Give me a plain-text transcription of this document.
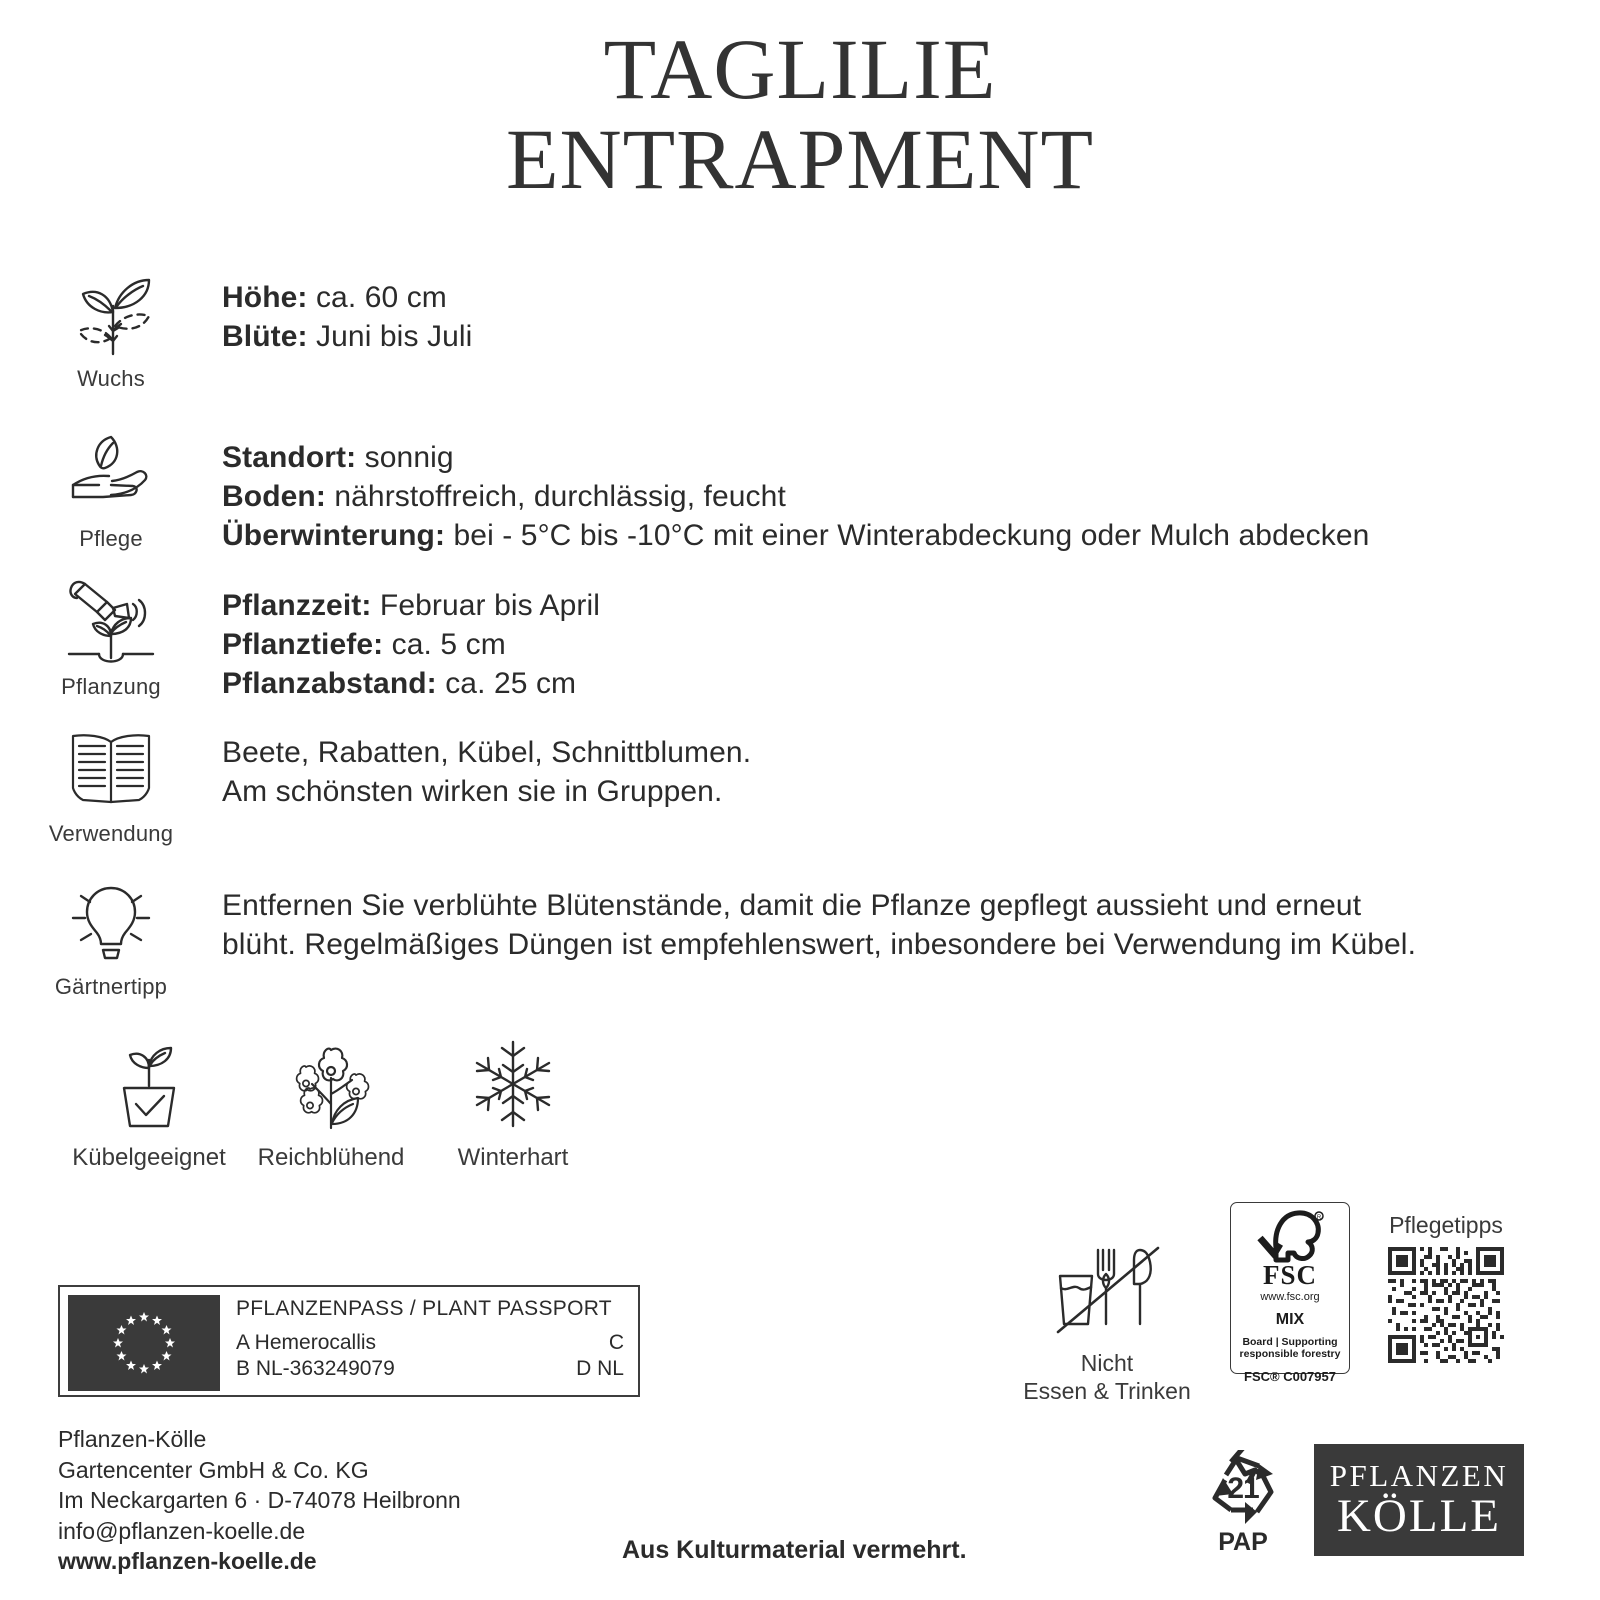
TAGLILIE
ENTRAPMENT
Wuchs

Höhe: ca. 60 cm

Blüte: Juni bis Juli

Pflege

Standort: sonnig

Boden: nährstoffreich, durchlässig, feucht

Überwinterung: bei - 5°C bis -10°C mit einer Winterabdeckung oder Mulch abdecken

Pflanzung

Pflanzzeit: Februar bis April

Pflanztiefe: ca. 5 cm

Pflanzabstand: ca. 25 cm

Verwendung

Beete, Rabatten, Kübel, Schnittblumen.

Am schönsten wirken sie in Gruppen.

Gärtnertipp

Entfernen Sie verblühte Blütenstände, damit die Pflanze gepflegt aussieht und erneut

blüht. Regelmäßiges Düngen ist empfehlenswert, inbesondere bei Verwendung im Kübel.

Kübelgeeignet Reichblühend Winterhart
PFLANZENPASS / PLANT PASSPORT
A Hemerocallis	C
B NL-363249079	D NL
Pflanzen-Kölle
Gartencenter GmbH & Co. KG
Im Neckargarten 6 · D-74078 Heilbronn
info@pflanzen-koelle.de
www.pflanzen-koelle.de	Aus Kulturmaterial vermehrt.
Nicht
Essen & Trinken
R
FSC
www.fsc.org
MIX
Board | Supporting
responsible forestry
FSC® C007957
Pflegetipps
21
PAP
PFLANZEN
KÖLLE
